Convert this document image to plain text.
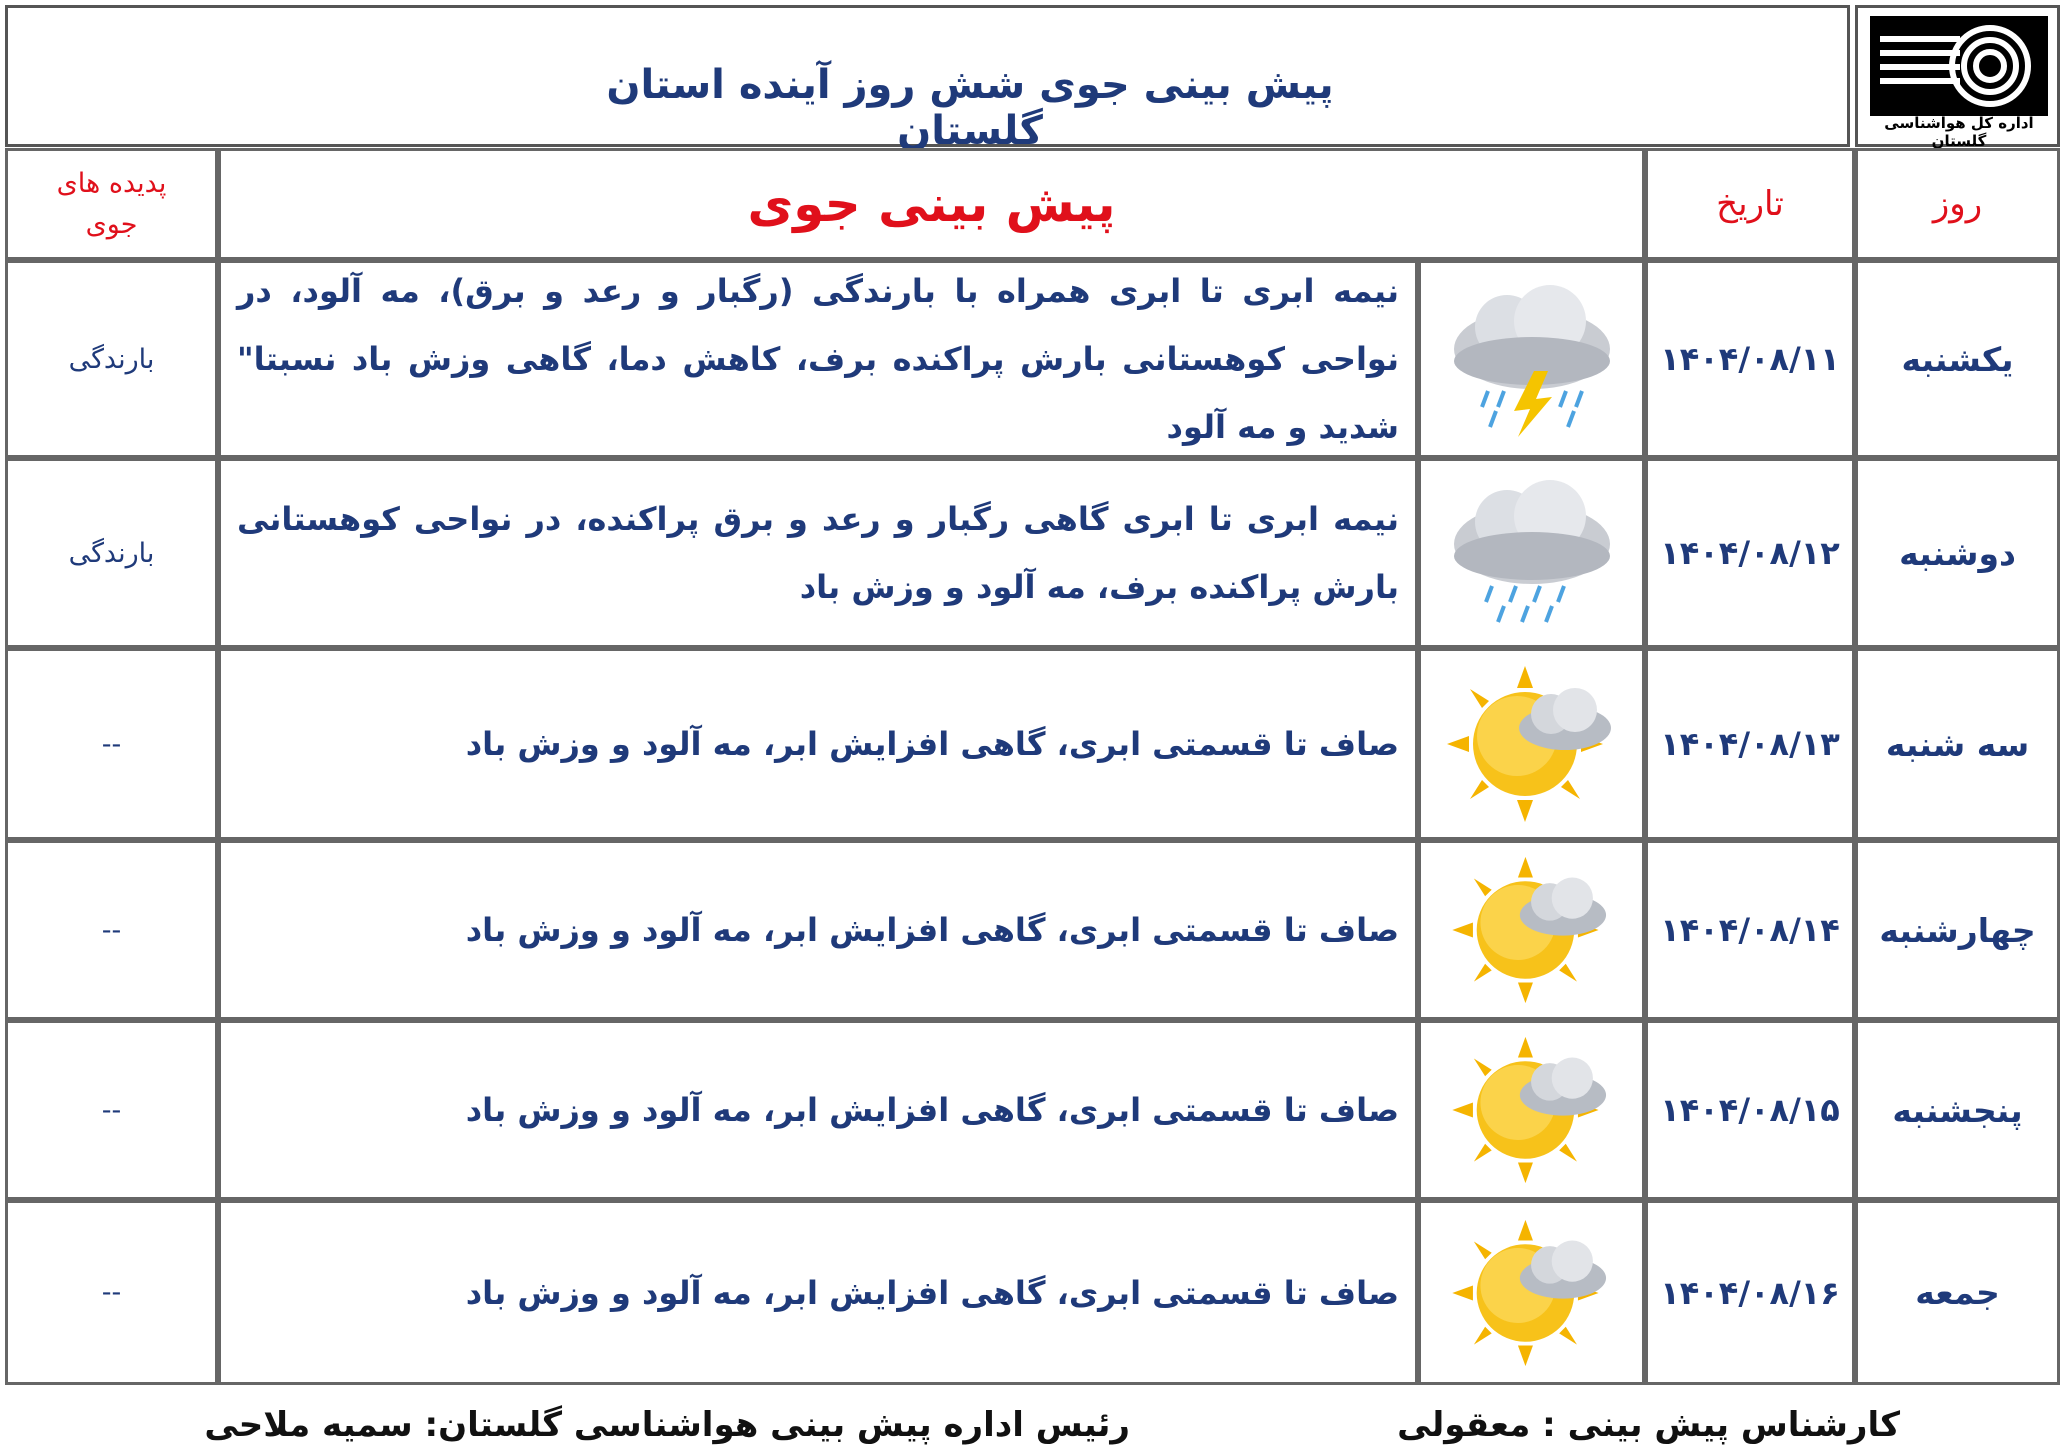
پیش بینی جوی شش روز آینده استان گلستان	اداره کل هواشناسی گلستان
روز
تاریخ
پیش بینی جوی
پدیده های
جوی
یکشنبه
۱۴۰۴/۰۸/۱۱
نیمه ابری تا ابری همراه با بارندگی (رگبار و رعد و برق)، مه آلود، در نواحی کوهستانی بارش پراکنده برف، کاهش دما، گاهی وزش باد نسبتا" شدید و مه آلود
بارندگی
دوشنبه
۱۴۰۴/۰۸/۱۲
نیمه ابری تا ابری گاهی رگبار و رعد و برق پراکنده، در نواحی کوهستانی بارش پراکنده برف، مه آلود و وزش باد
بارندگی
سه شنبه
۱۴۰۴/۰۸/۱۳
صاف تا قسمتی ابری، گاهی افزایش ابر، مه آلود و وزش باد
--
چهارشنبه
۱۴۰۴/۰۸/۱۴
صاف تا قسمتی ابری، گاهی افزایش ابر، مه آلود و وزش باد
--
پنجشنبه
۱۴۰۴/۰۸/۱۵
صاف تا قسمتی ابری، گاهی افزایش ابر، مه آلود و وزش باد
--
جمعه
۱۴۰۴/۰۸/۱۶
صاف تا قسمتی ابری، گاهی افزایش ابر، مه آلود و وزش باد
--
کارشناس پیش بینی : معقولی
رئیس اداره پیش بینی هواشناسی گلستان: سمیه ملاحی
